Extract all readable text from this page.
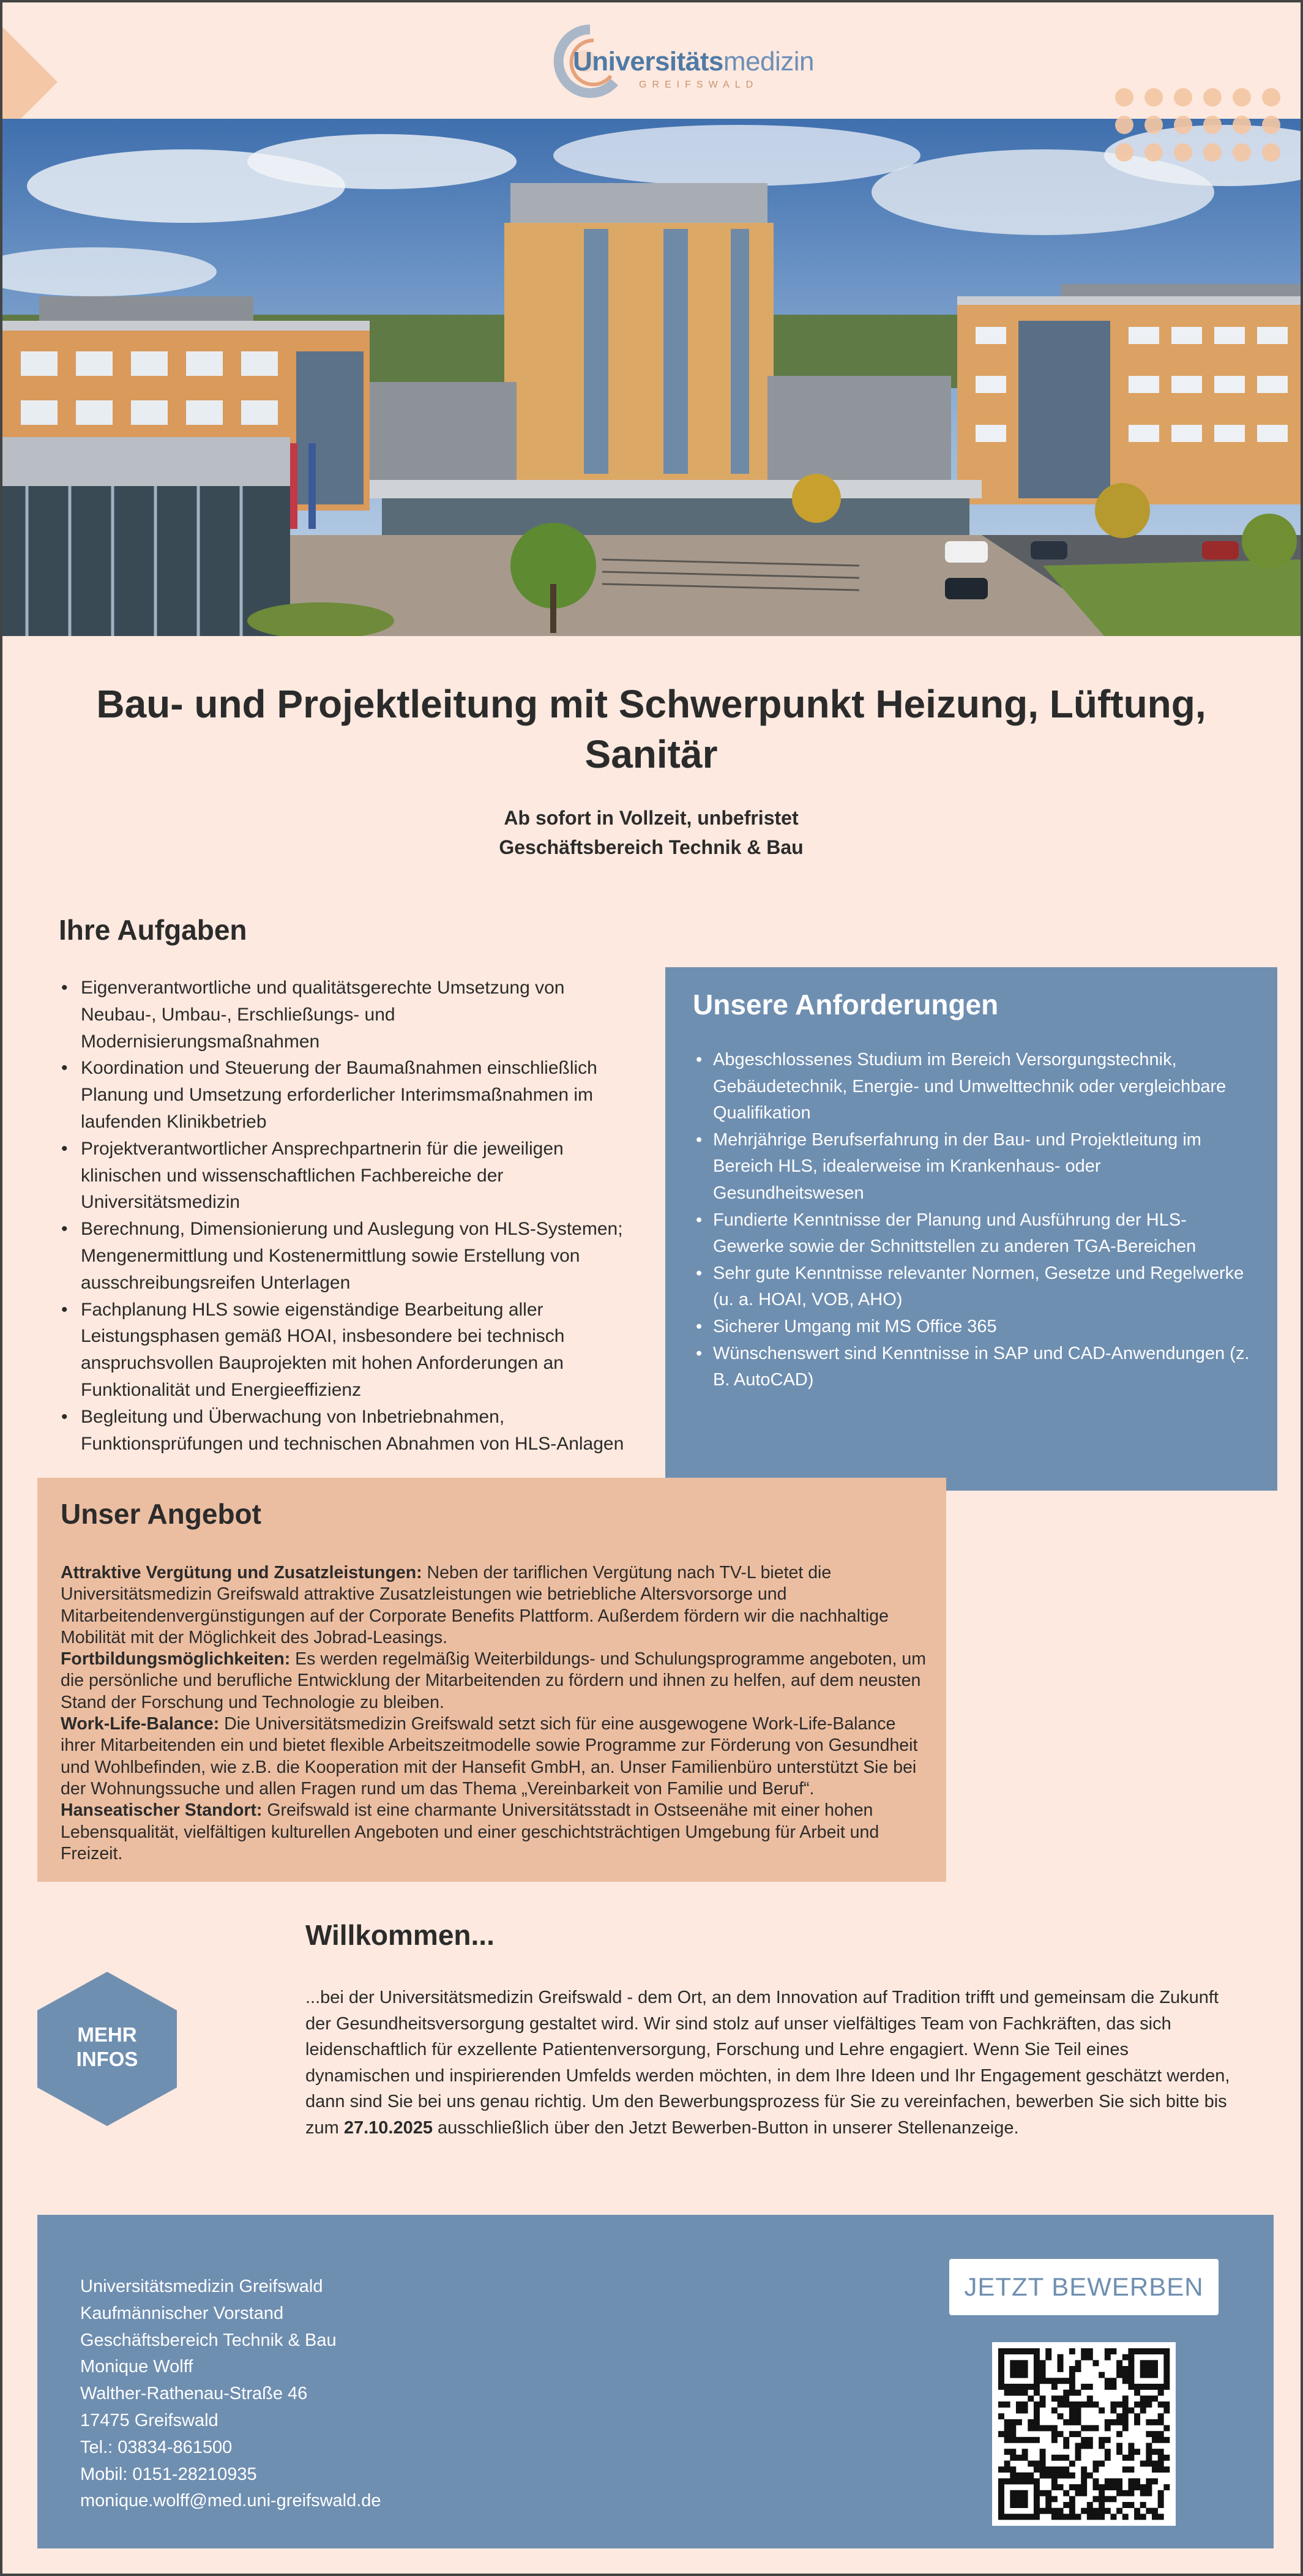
Universitätsmedizin
GREIFSWALD
Bau- und Projektleitung mit Schwerpunkt Heizung, Lüftung,
Sanitär
Ab sofort in Vollzeit, unbefristet
Geschäftsbereich Technik & Bau
Ihre Aufgaben
• Eigenverantwortliche und qualitätsgerechte Umsetzung von Neubau-, Umbau-, Erschließungs- und Modernisierungsmaßnahmen
• Koordination und Steuerung der Baumaßnahmen einschließlich Planung und Umsetzung erforderlicher Interimsmaßnahmen im laufenden Klinikbetrieb
• Projektverantwortlicher Ansprechpartnerin für die jeweiligen klinischen und wissenschaftlichen Fachbereiche der Universitätsmedizin
• Berechnung, Dimensionierung und Auslegung von HLS-Systemen; Mengenermittlung und Kostenermittlung sowie Erstellung von ausschreibungsreifen Unterlagen
• Fachplanung HLS sowie eigenständige Bearbeitung aller Leistungsphasen gemäß HOAI, insbesondere bei technisch anspruchsvollen Bauprojekten mit hohen Anforderungen an Funktionalität und Energieeffizienz
• Begleitung und Überwachung von Inbetriebnahmen, Funktionsprüfungen und technischen Abnahmen von HLS-Anlagen
Unsere Anforderungen
• Abgeschlossenes Studium im Bereich Versorgungstechnik, Gebäudetechnik, Energie- und Umwelttechnik oder vergleichbare Qualifikation
• Mehrjährige Berufserfahrung in der Bau- und Projektleitung im Bereich HLS, idealerweise im Krankenhaus- oder Gesundheitswesen
• Fundierte Kenntnisse der Planung und Ausführung der HLS-Gewerke sowie der Schnittstellen zu anderen TGA-Bereichen
• Sehr gute Kenntnisse relevanter Normen, Gesetze und Regelwerke (u. a. HOAI, VOB, AHO)
• Sicherer Umgang mit MS Office 365
• Wünschenswert sind Kenntnisse in SAP und CAD-Anwendungen (z. B. AutoCAD)
Unser Angebot

Attraktive Vergütung und Zusatzleistungen: Neben der tariflichen Vergütung nach TV-L bietet die Universitätsmedizin Greifswald attraktive Zusatzleistungen wie betriebliche Altersvorsorge und Mitarbeitendenvergünstigungen auf der Corporate Benefits Plattform. Außerdem fördern wir die nachhaltige Mobilität mit der Möglichkeit des Jobrad-Leasings.

Fortbildungsmöglichkeiten: Es werden regelmäßig Weiterbildungs- und Schulungsprogramme angeboten, um die persönliche und berufliche Entwicklung der Mitarbeitenden zu fördern und ihnen zu helfen, auf dem neusten Stand der Forschung und Technologie zu bleiben.

Work-Life-Balance: Die Universitätsmedizin Greifswald setzt sich für eine ausgewogene Work-Life-Balance ihrer Mitarbeitenden ein und bietet flexible Arbeitszeitmodelle sowie Programme zur Förderung von Gesundheit und Wohlbefinden, wie z.B. die Kooperation mit der Hansefit GmbH, an. Unser Familienbüro unterstützt Sie bei der Wohnungssuche und allen Fragen rund um das Thema „Vereinbarkeit von Familie und Beruf“.

Hanseatischer Standort: Greifswald ist eine charmante Universitätsstadt in Ostseenähe mit einer hohen Lebensqualität, vielfältigen kulturellen Angeboten und einer geschichtsträchtigen Umgebung für Arbeit und Freizeit.

Willkommen...
...bei der Universitätsmedizin Greifswald - dem Ort, an dem Innovation auf Tradition trifft und gemeinsam die Zukunft der Gesundheitsversorgung gestaltet wird. Wir sind stolz auf unser vielfältiges Team von Fachkräften, das sich leidenschaftlich für exzellente Patientenversorgung, Forschung und Lehre engagiert. Wenn Sie Teil eines dynamischen und inspirierenden Umfelds werden möchten, in dem Ihre Ideen und Ihr Engagement geschätzt werden, dann sind Sie bei uns genau richtig. Um den Bewerbungsprozess für Sie zu vereinfachen, bewerben Sie sich bitte bis zum 27.10.2025 ausschließlich über den Jetzt Bewerben-Button in unserer Stellenanzeige.
MEHR
INFOS
Universitätsmedizin Greifswald
Kaufmännischer Vorstand
Geschäftsbereich Technik & Bau
Monique Wolff
Walther-Rathenau-Straße 46
17475 Greifswald
Tel.: 03834-861500
Mobil: 0151-28210935
monique.wolff@med.uni-greifswald.de
JETZT BEWERBEN
